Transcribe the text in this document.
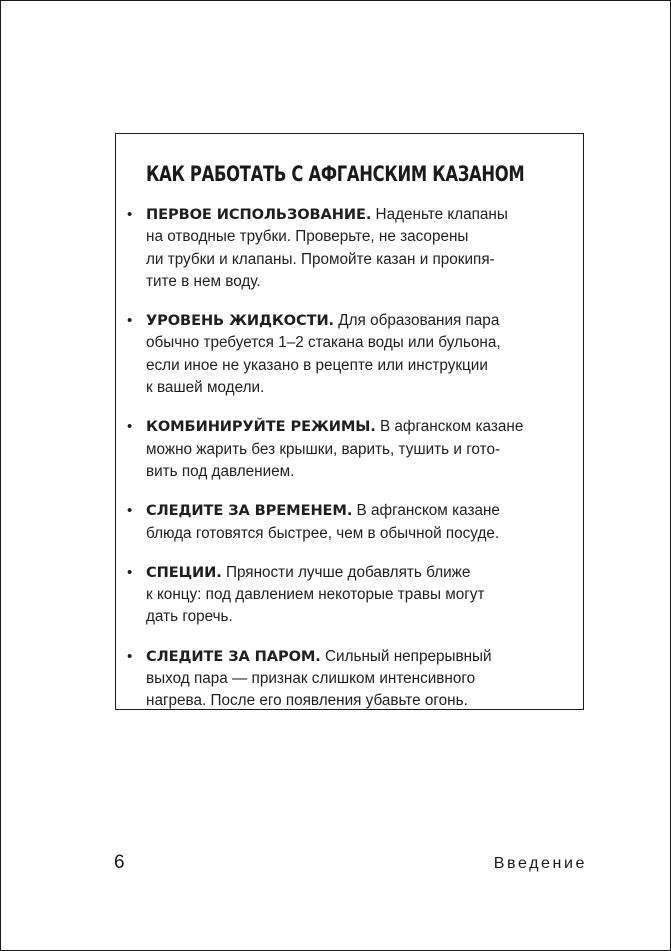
КАК РАБОТАТЬ С АФГАНСКИМ КАЗАНОМ
• ПЕРВОЕ ИСПОЛЬЗОВАНИЕ. Наденьте клапаны
на отводные трубки. Проверьте, не засорены
ли трубки и клапаны. Промойте казан и прокипя-
тите в нем воду.
• УРОВЕНЬ ЖИДКОСТИ. Для образования пара
обычно требуется 1–2 стакана воды или бульона,
если иное не указано в рецепте или инструкции
к вашей модели.
• КОМБИНИРУЙТЕ РЕЖИМЫ. В афганском казане
можно жарить без крышки, варить, тушить и гото-
вить под давлением.
• СЛЕДИТЕ ЗА ВРЕМЕНЕМ. В афганском казане
блюда готовятся быстрее, чем в обычной посуде.
• СПЕЦИИ. Пряности лучше добавлять ближе
к концу: под давлением некоторые травы могут
дать горечь.
• СЛЕДИТЕ ЗА ПАРОМ. Сильный непрерывный
выход пара — признак слишком интенсивного
нагрева. После его появления убавьте огонь.
6	Введение
